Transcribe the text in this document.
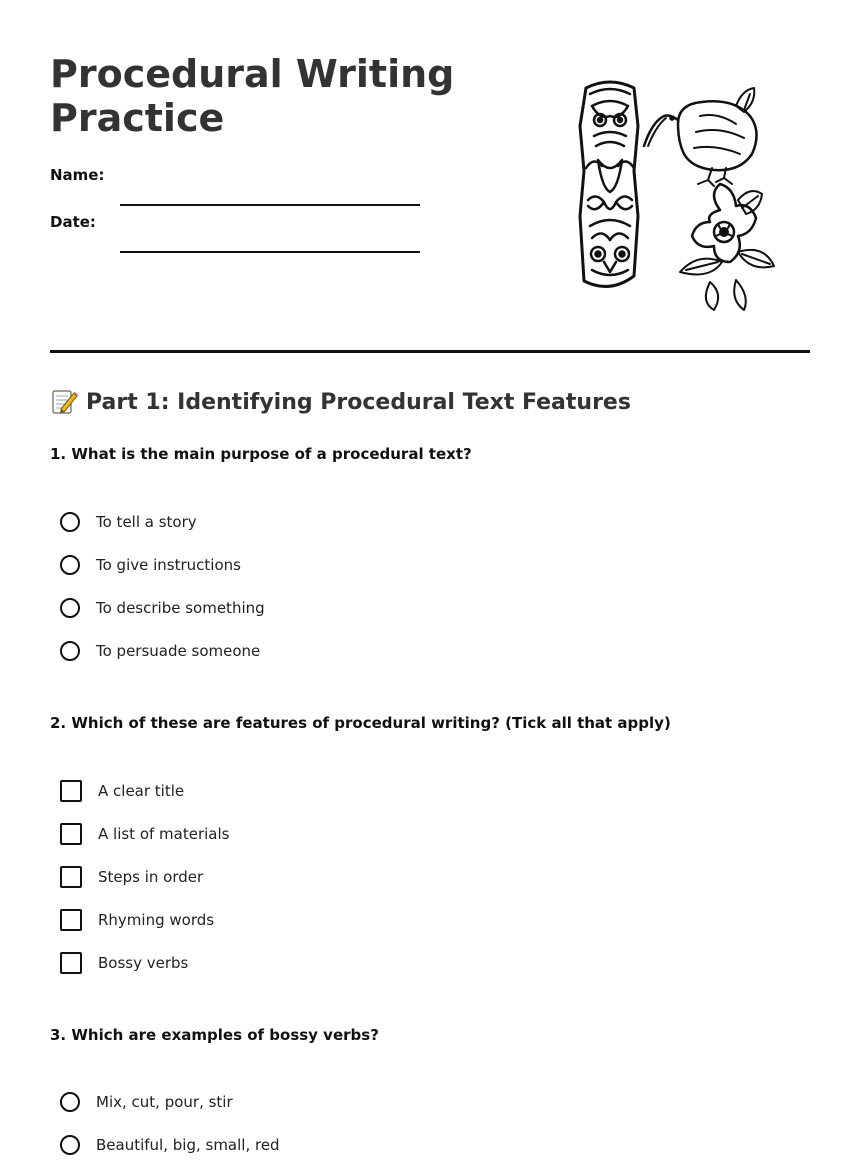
Procedural Writing
Practice
Name:
Date:
Part 1: Identifying Procedural Text Features
1. What is the main purpose of a procedural text?
To tell a story
To give instructions
To describe something
To persuade someone
2. Which of these are features of procedural writing? (Tick all that apply)
A clear title
A list of materials
Steps in order
Rhyming words
Bossy verbs
3. Which are examples of bossy verbs?
Mix, cut, pour, stir
Beautiful, big, small, red
